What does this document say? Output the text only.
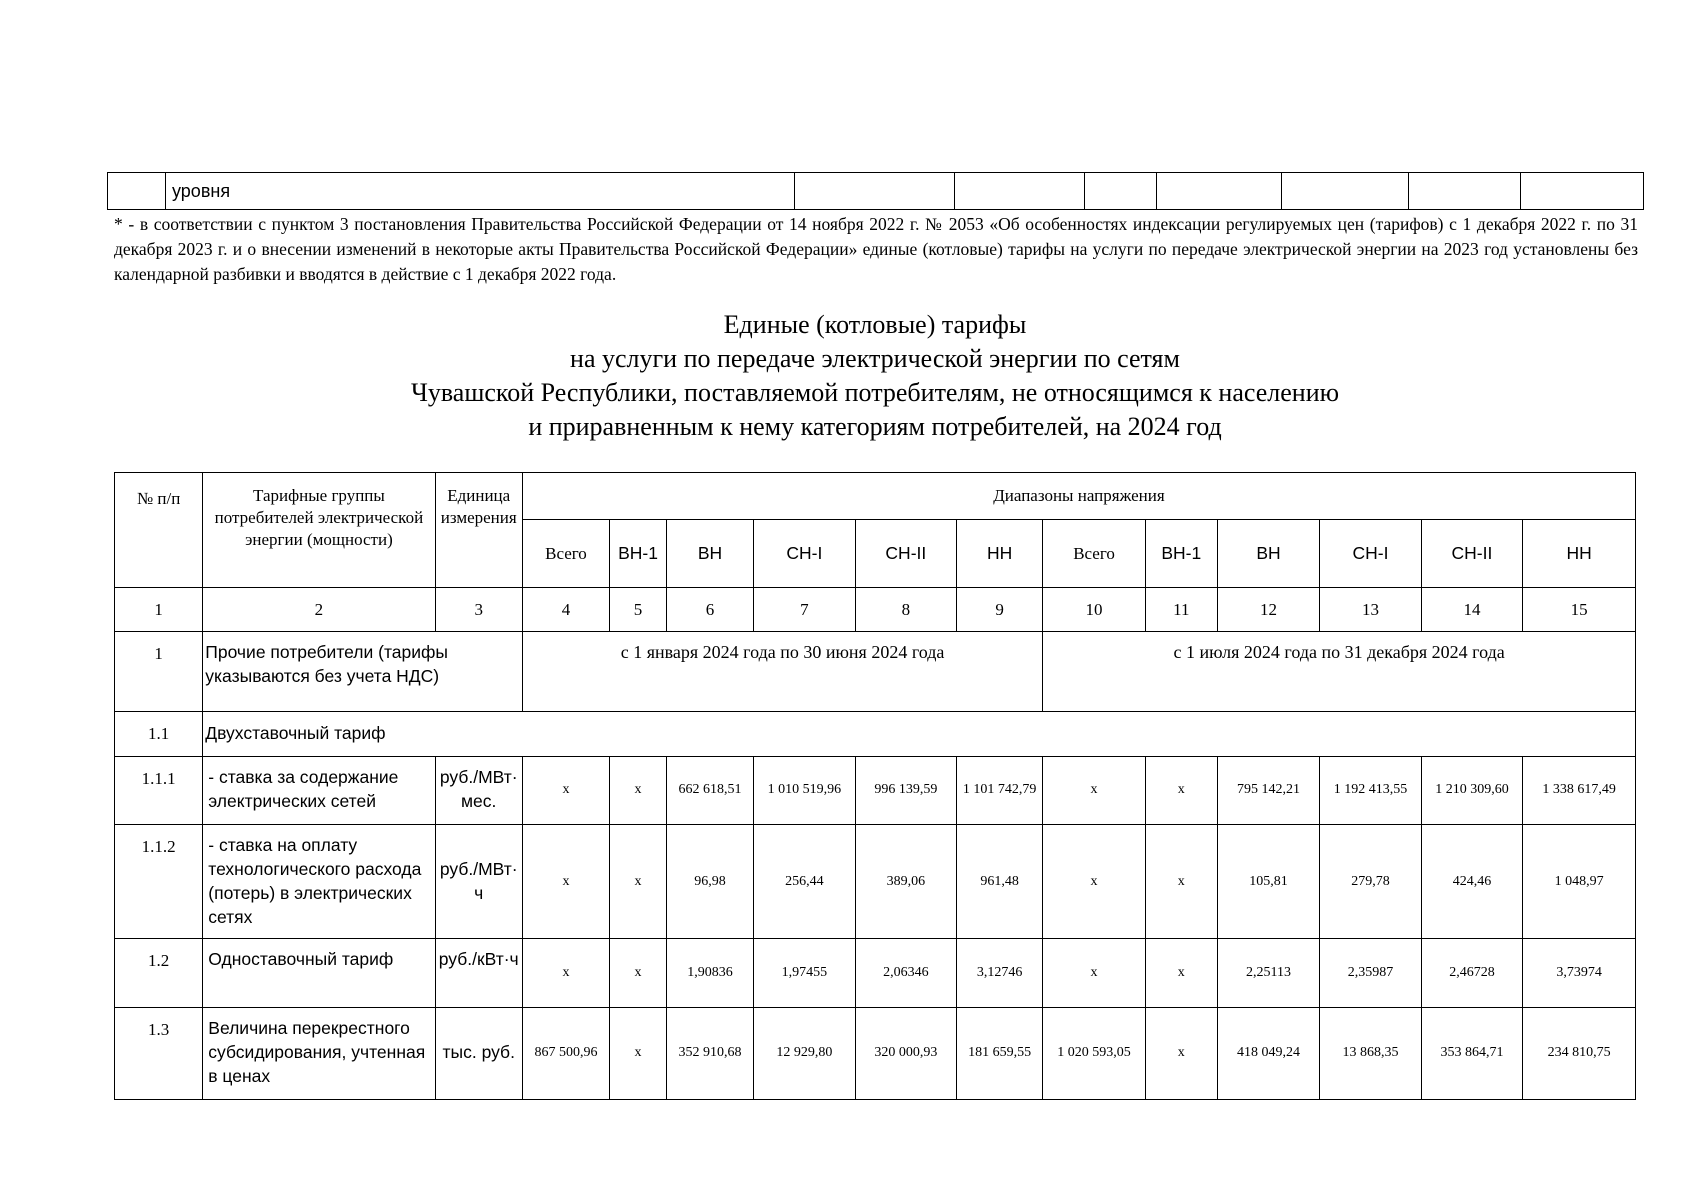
	уровня							
* - в соответствии с пунктом 3 постановления Правительства Российской Федерации от 14 ноября 2022 г. № 2053 «Об особенностях индексации регулируемых цен (тарифов) с 1 декабря 2022 г. по 31 декабря 2023 г. и о внесении изменений в некоторые акты Правительства Российской Федерации» единые (котловые) тарифы на услуги по передаче электрической энергии на 2023 год установлены без календарной разбивки и вводятся в действие с 1 декабря 2022 года.
Единые (котловые) тарифы
на услуги по передаче электрической энергии по сетям
Чувашской Республики, поставляемой потребителям, не относящимся к населению
и приравненным к нему категориям потребителей, на 2024 год
№ п/п	Тарифные группы потребителей электрической энергии (мощности)	Единица измерения	Диапазоны напряжения											
			Всего	ВН-1	ВН	СН-I	СН-II	НН	Всего	ВН-1	ВН	СН-I	СН-II	НН
1	2	3	4	5	6	7	8	9	10	11	12	13	14	15
1	Прочие потребители (тарифы указываются без учета НДС)		с 1 января 2024 года по 30 июня 2024 года						с 1 июля 2024 года по 31 декабря 2024 года					
1.1	Двухставочный тариф													
1.1.1	- ставка за содержание электрических сетей	руб./МВт·мес.	х	х	662 618,51	1 010 519,96	996 139,59	1 101 742,79	х	х	795 142,21	1 192 413,55	1 210 309,60	1 338 617,49
1.1.2	- ставка на оплату технологического расхода (потерь) в электрических сетях	руб./МВт·ч	х	х	96,98	256,44	389,06	961,48	х	х	105,81	279,78	424,46	1 048,97
1.2	Одноставочный тариф	руб./кВт·ч	х	х	1,90836	1,97455	2,06346	3,12746	х	х	2,25113	2,35987	2,46728	3,73974
1.3	Величина перекрестного субсидирования, учтенная в ценах	тыс. руб.	867 500,96	х	352 910,68	12 929,80	320 000,93	181 659,55	1 020 593,05	х	418 049,24	13 868,35	353 864,71	234 810,75
